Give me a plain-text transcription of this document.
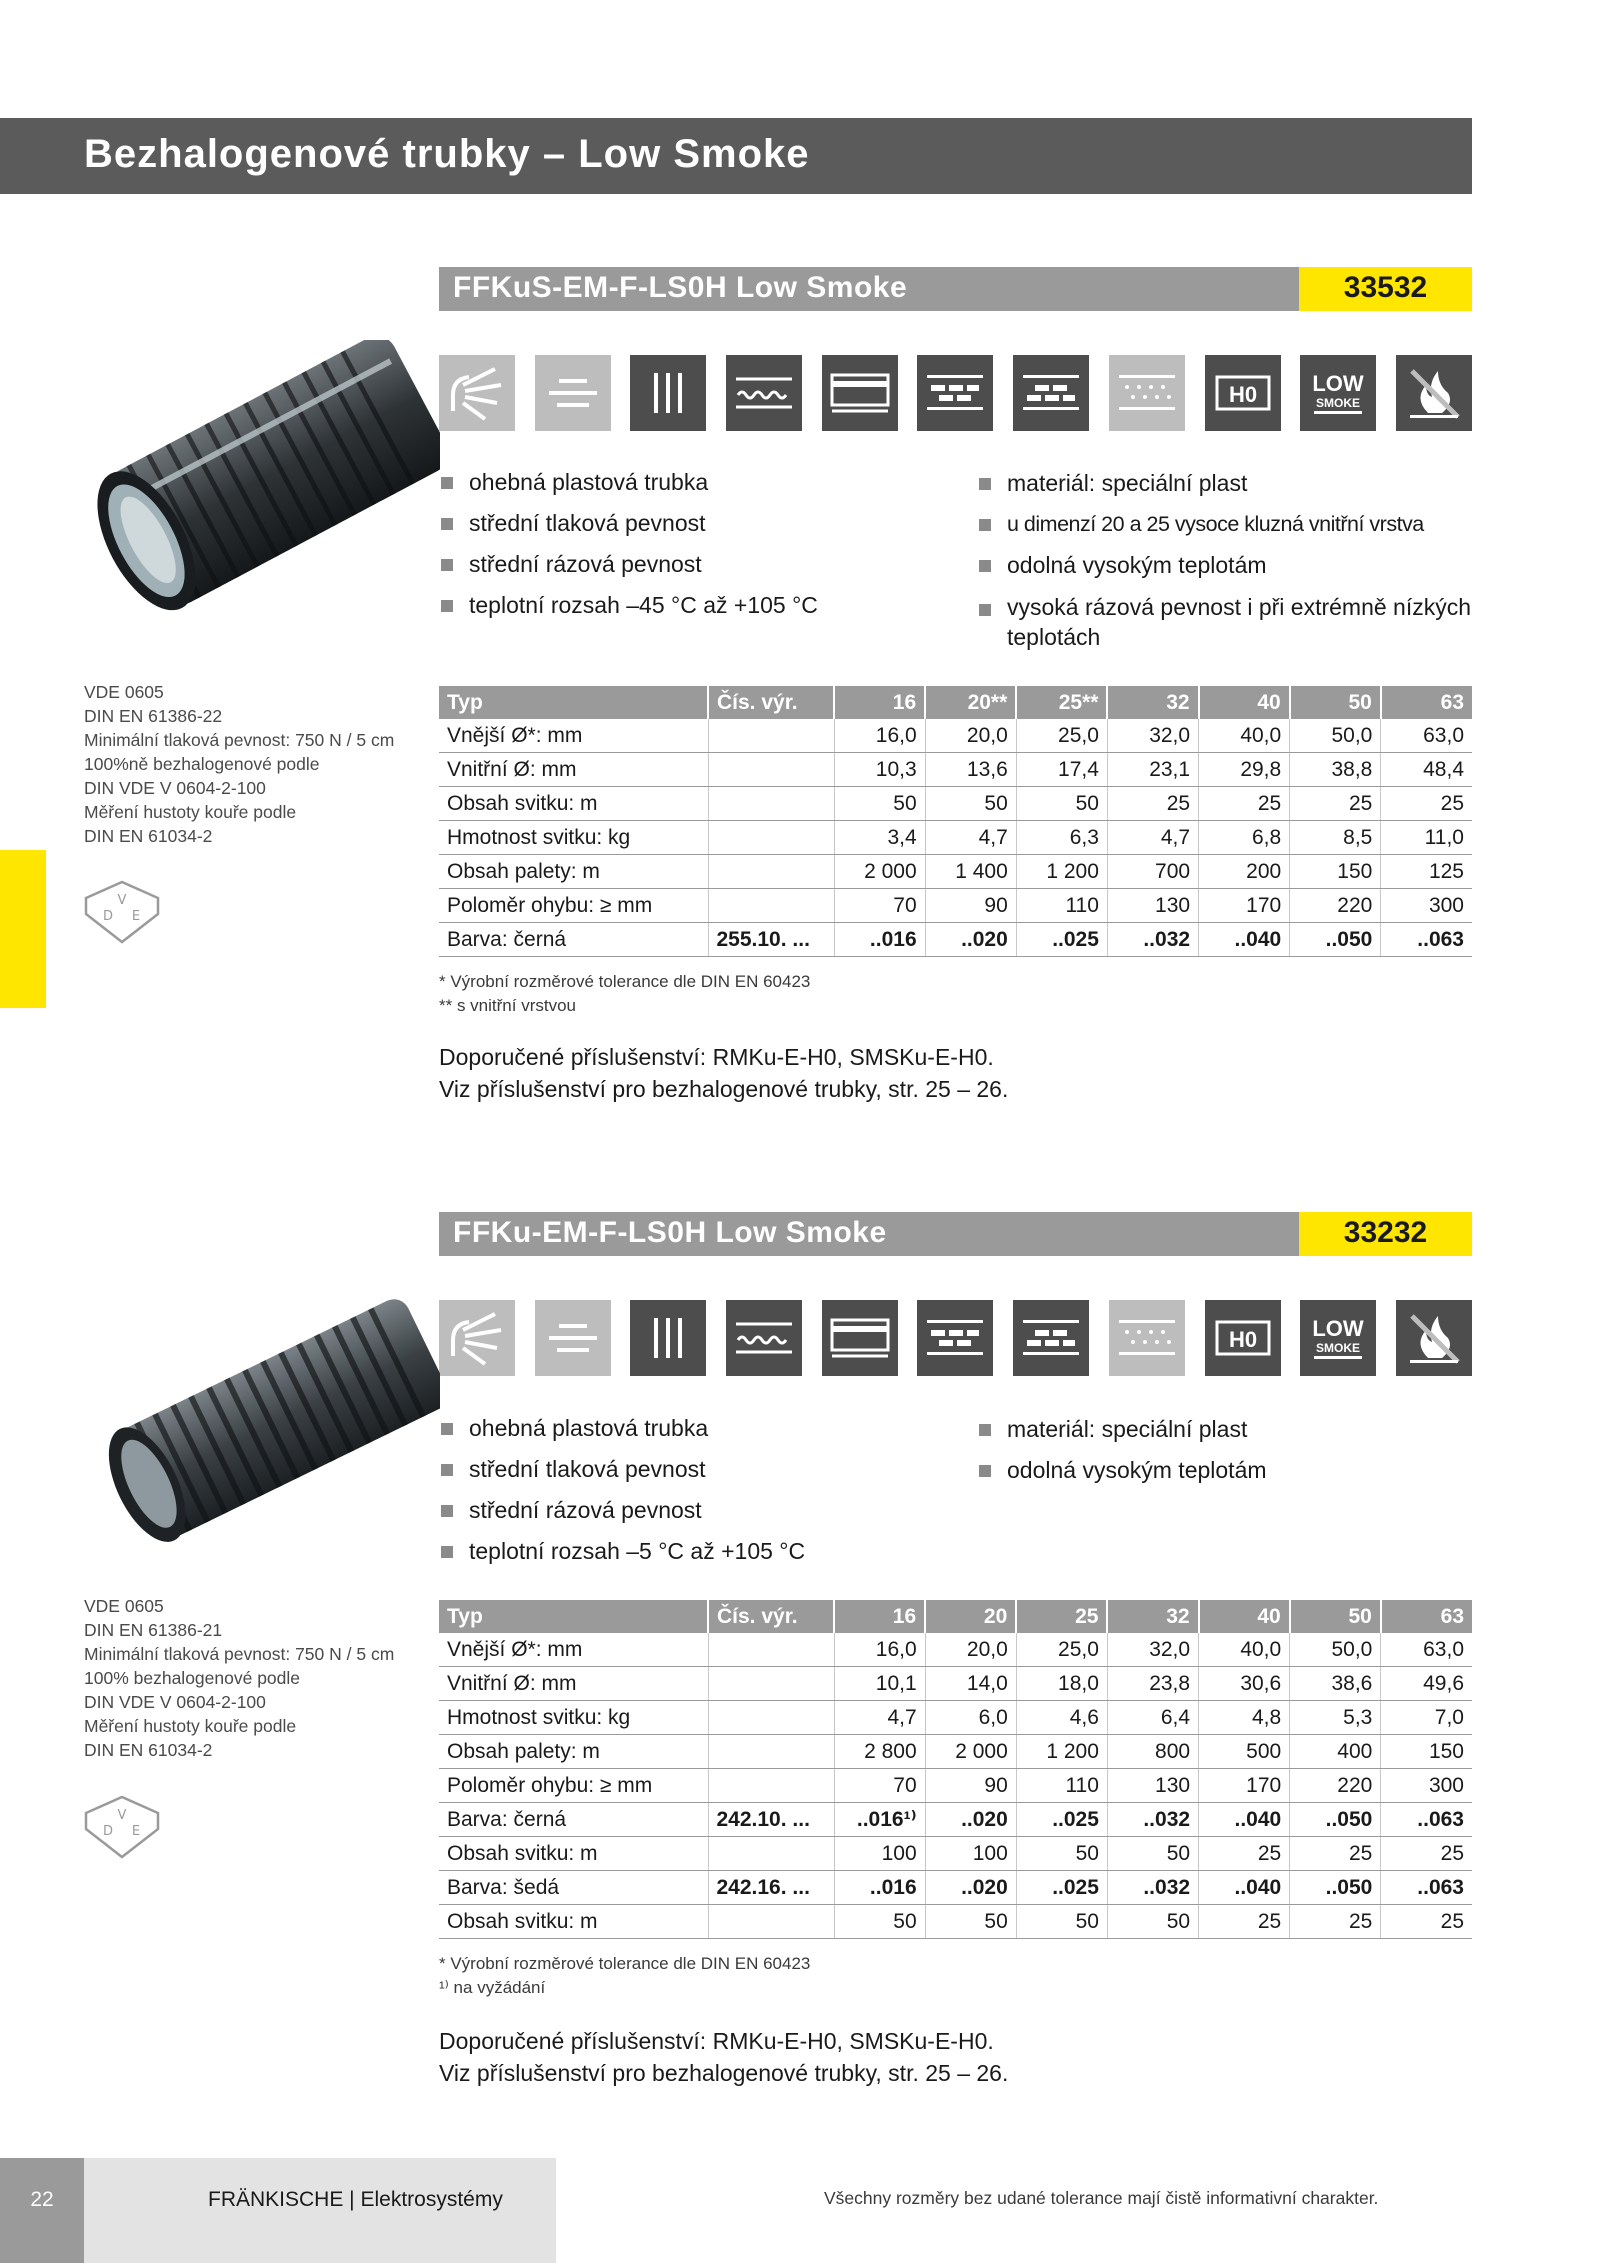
Bezhalogenové trubky – Low Smoke
FFKuS-EM-F-LS0H Low Smoke	33532
H0	LOW
SMOKE
ohebná plastová trubka
střední tlaková pevnost
střední rázová pevnost
teplotní rozsah –45 °C až +105 °C
materiál: speciální plast
u dimenzí 20 a 25 vysoce kluzná vnitřní vrstva
odolná vysokým teplotám
vysoká rázová pevnost i při extrémně nízkých teplotách
VDE 0605
DIN EN 61386-22
Minimální tlaková pevnost: 750 N / 5 cm
100%ně bezhalogenové podle
DIN VDE V 0604-2-100
Měření hustoty kouře podle
DIN EN 61034-2
V
D E
Typ	Čís. výr.	16	20**	25**	32	40	50	63
Vnější Ø*: mm		16,0	20,0	25,0	32,0	40,0	50,0	63,0
Vnitřní Ø: mm		10,3	13,6	17,4	23,1	29,8	38,8	48,4
Obsah svitku: m		50	50	50	25	25	25	25
Hmotnost svitku: kg		3,4	4,7	6,3	4,7	6,8	8,5	11,0
Obsah palety: m		2 000	1 400	1 200	700	200	150	125
Poloměr ohybu: ≥ mm		70	90	110	130	170	220	300
Barva: černá	255.10. ...	..016	..020	..025	..032	..040	..050	..063
* Výrobní rozměrové tolerance dle DIN EN 60423
** s vnitřní vrstvou
Doporučené příslušenství: RMKu-E-H0, SMSKu-E-H0.
Viz příslušenství pro bezhalogenové trubky, str. 25 – 26.
FFKu-EM-F-LS0H Low Smoke	33232
H0	LOW
SMOKE
ohebná plastová trubka
střední tlaková pevnost
střední rázová pevnost
teplotní rozsah –5 °C až +105 °C
materiál: speciální plast
odolná vysokým teplotám
VDE 0605
DIN EN 61386-21
Minimální tlaková pevnost: 750 N / 5 cm
100% bezhalogenové podle
DIN VDE V 0604-2-100
Měření hustoty kouře podle
DIN EN 61034-2
V
D E
Typ	Čís. výr.	16	20	25	32	40	50	63
Vnější Ø*: mm		16,0	20,0	25,0	32,0	40,0	50,0	63,0
Vnitřní Ø: mm		10,1	14,0	18,0	23,8	30,6	38,6	49,6
Hmotnost svitku: kg		4,7	6,0	4,6	6,4	4,8	5,3	7,0
Obsah palety: m		2 800	2 000	1 200	800	500	400	150
Poloměr ohybu: ≥ mm		70	90	110	130	170	220	300
Barva: černá	242.10. ...	..016¹⁾	..020	..025	..032	..040	..050	..063
Obsah svitku: m		100	100	50	50	25	25	25
Barva: šedá	242.16. ...	..016	..020	..025	..032	..040	..050	..063
Obsah svitku: m		50	50	50	50	25	25	25
* Výrobní rozměrové tolerance dle DIN EN 60423
¹⁾ na vyžádání
Doporučené příslušenství: RMKu-E-H0, SMSKu-E-H0.
Viz příslušenství pro bezhalogenové trubky, str. 25 – 26.
22	FRÄNKISCHE | Elektrosystémy	Všechny rozměry bez udané tolerance mají čistě informativní charakter.
